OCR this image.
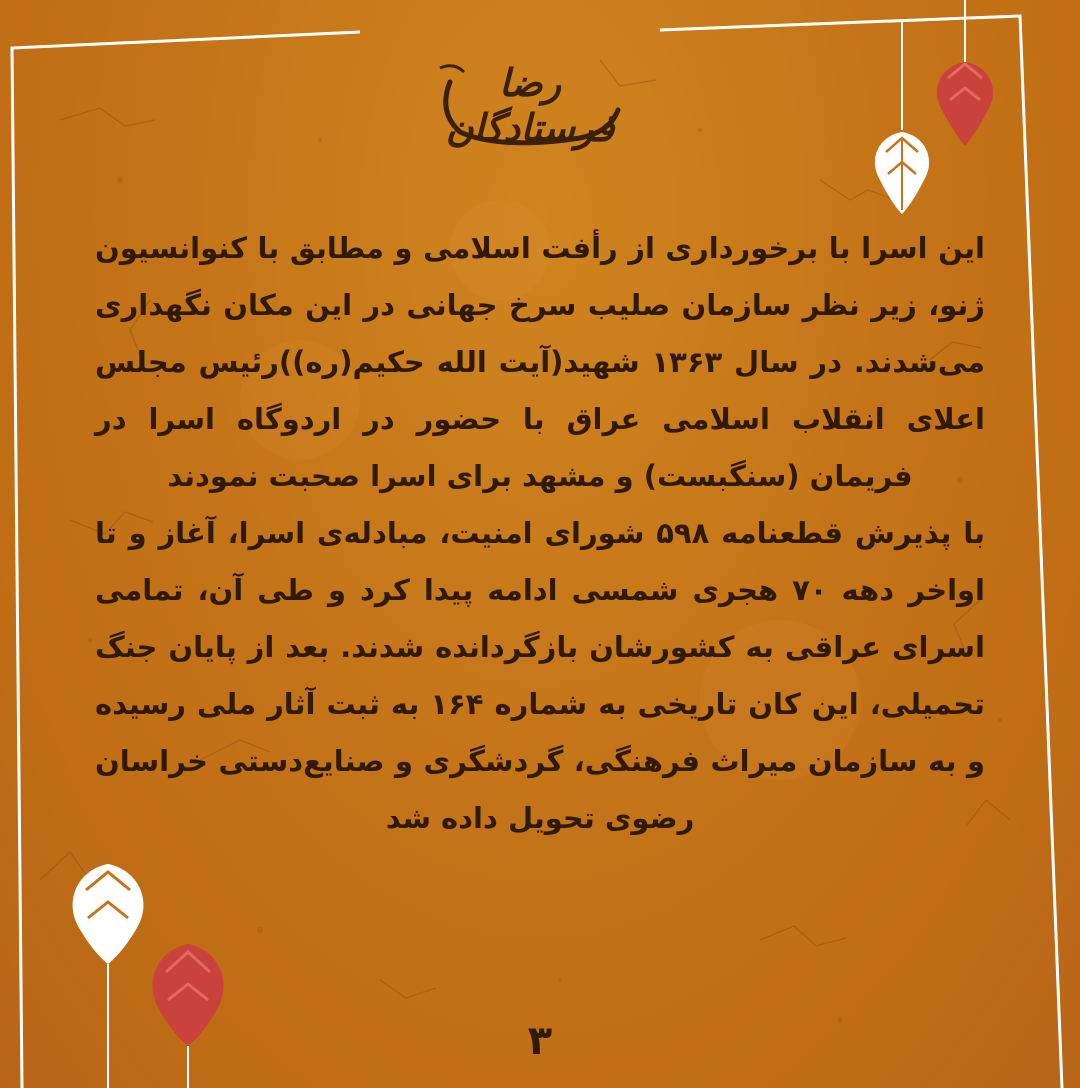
رضا فرستادگان

این اسرا با برخورداری از رأفت اسلامی و مطابق با کنوانسیون ژنو، زیر نظر سازمان صلیب سرخ جهانی در این مکان نگهداری می‌شدند. در سال ۱۳۶۳ شهید(آیت الله حکیم(ره))رئیس مجلس اعلای انقلاب اسلامی عراق با حضور در اردوگاه اسرا در فریمان (سنگبست) و مشهد برای اسرا صحبت نمودند

با پذیرش قطعنامه ۵۹۸ شورای امنیت، مبادله‌ی اسرا، آغاز و تا اواخر دهه ۷۰ هجری شمسی ادامه پیدا کرد و طی آن، تمامی اسرای عراقی به کشورشان بازگردانده شدند. بعد از پایان جنگ تحمیلی، این کان تاریخی به شماره ۱۶۴ به ثبت آثار ملی رسیده و به سازمان میراث فرهنگی، گردشگری و صنایع‌دستی خراسان رضوی تحویل داده شد

۳
